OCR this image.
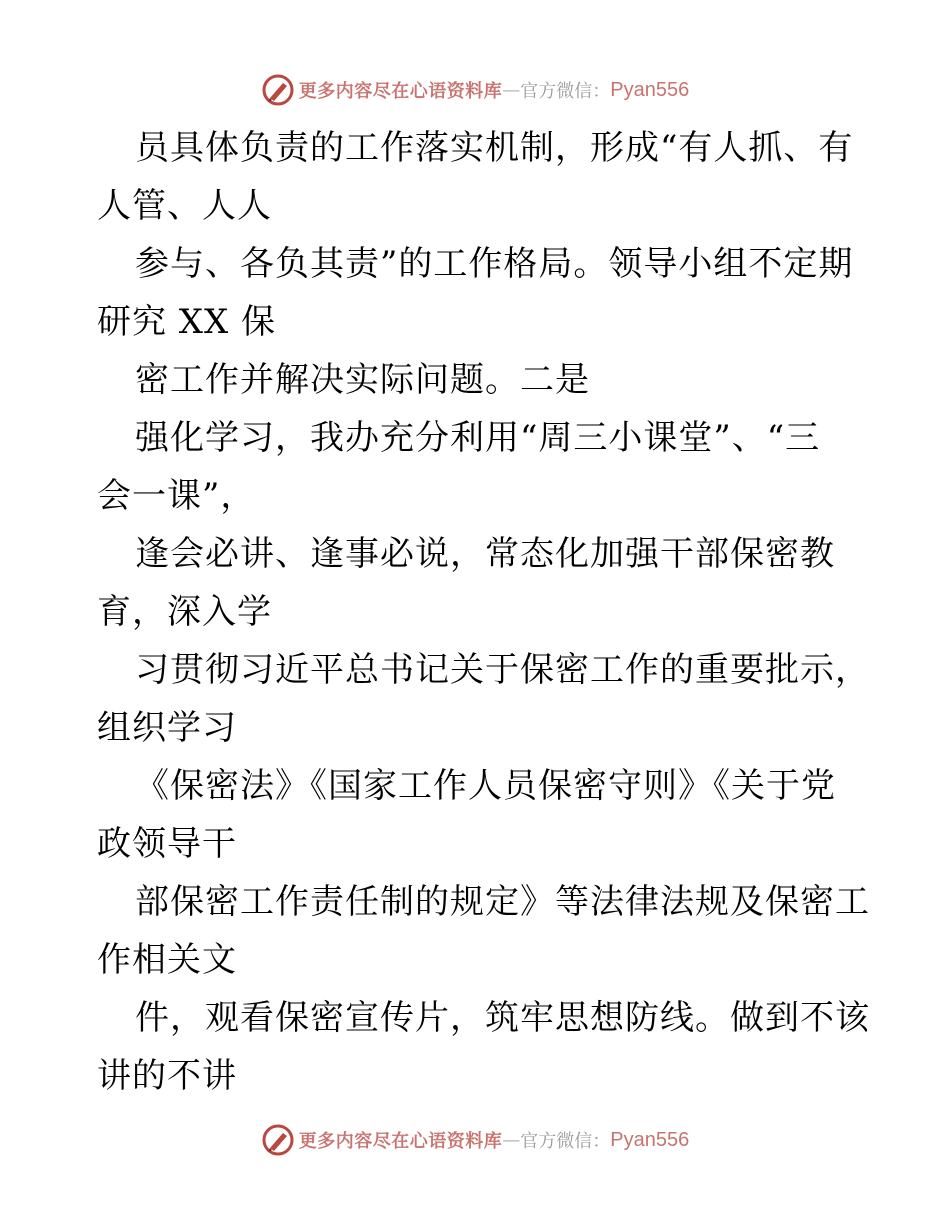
更多内容尽在心语资料库 — 官方微信： Pyan556
员具体负责的工作落实机制，形成“有人抓、有
人管、人人
参与、各负其责”的工作格局。领导小组不定期
研究 XX 保
密工作并解决实际问题。二是
强化学习，我办充分利用“周三小课堂”、“三
会一课”，
逢会必讲、逢事必说，常态化加强干部保密教
育，深入学
习贯彻习近平总书记关于保密工作的重要批示，
组织学习
《保密法》《国家工作人员保密守则》《关于党
政领导干
部保密工作责任制的规定》等法律法规及保密工
作相关文
件，观看保密宣传片，筑牢思想防线。做到不该
讲的不讲
更多内容尽在心语资料库 — 官方微信： Pyan556
